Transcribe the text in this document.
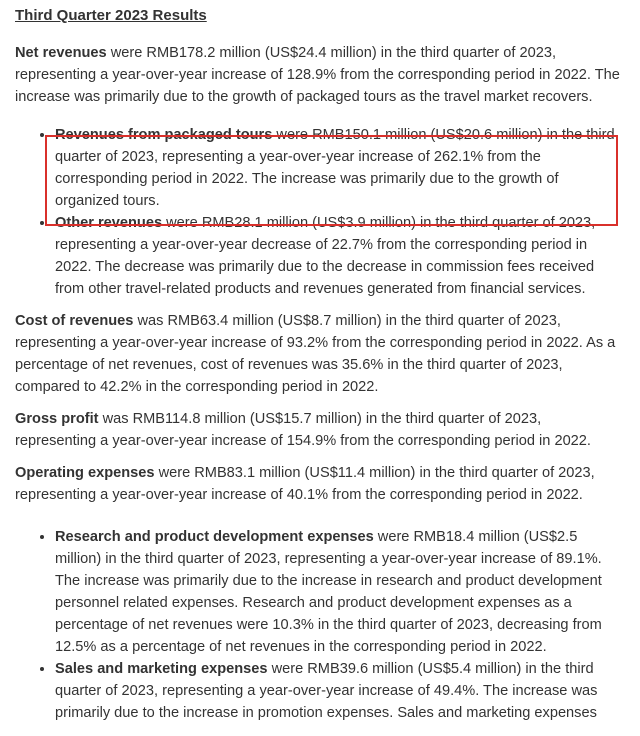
Third Quarter 2023 Results

Net revenues were RMB178.2 million (US$24.4 million) in the third quarter of 2023, representing a year-over-year increase of 128.9% from the corresponding period in 2022. The increase was primarily due to the growth of packaged tours as the travel market recovers.

• Revenues from packaged tours were RMB150.1 million (US$20.6 million) in the third quarter of 2023, representing a year-over-year increase of 262.1% from the corresponding period in 2022. The increase was primarily due to the growth of organized tours.
• Other revenues were RMB28.1 million (US$3.9 million) in the third quarter of 2023, representing a year-over-year decrease of 22.7% from the corresponding period in 2022. The decrease was primarily due to the decrease in commission fees received from other travel-related products and revenues generated from financial services.

Cost of revenues was RMB63.4 million (US$8.7 million) in the third quarter of 2023, representing a year-over-year increase of 93.2% from the corresponding period in 2022. As a percentage of net revenues, cost of revenues was 35.6% in the third quarter of 2023, compared to 42.2% in the corresponding period in 2022.

Gross profit was RMB114.8 million (US$15.7 million) in the third quarter of 2023, representing a year-over-year increase of 154.9% from the corresponding period in 2022.

Operating expenses were RMB83.1 million (US$11.4 million) in the third quarter of 2023, representing a year-over-year increase of 40.1% from the corresponding period in 2022.

• Research and product development expenses were RMB18.4 million (US$2.5 million) in the third quarter of 2023, representing a year-over-year increase of 89.1%. The increase was primarily due to the increase in research and product development personnel related expenses. Research and product development expenses as a percentage of net revenues were 10.3% in the third quarter of 2023, decreasing from 12.5% as a percentage of net revenues in the corresponding period in 2022.
• Sales and marketing expenses were RMB39.6 million (US$5.4 million) in the third quarter of 2023, representing a year-over-year increase of 49.4%. The increase was primarily due to the increase in promotion expenses. Sales and marketing expenses
